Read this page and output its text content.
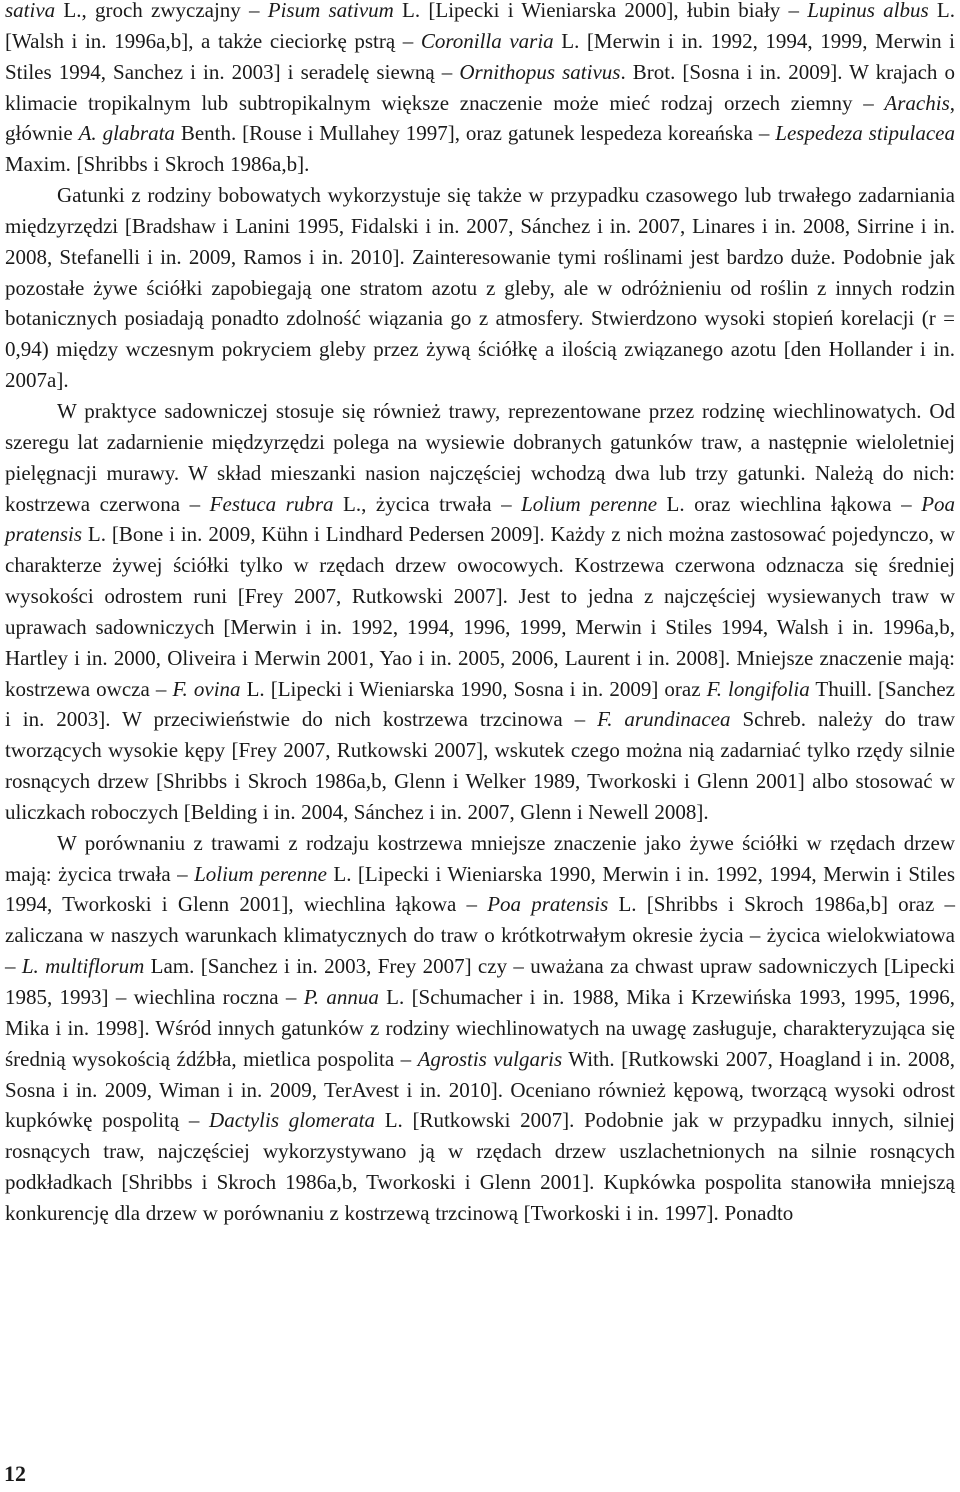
sativa L., groch zwyczajny – Pisum sativum L. [Lipecki i Wieniarska 2000], łubin biały – Lupinus albus L. [Walsh i in. 1996a,b], a także cieciorkę pstrą – Coronilla varia L. [Merwin i in. 1992, 1994, 1999, Merwin i Stiles 1994, Sanchez i in. 2003] i seradelę siewną – Ornithopus sativus. Brot. [Sosna i in. 2009]. W krajach o klimacie tropikalnym lub subtropikalnym większe znaczenie może mieć rodzaj orzech ziemny – Arachis, głównie A. glabrata Benth. [Rouse i Mullahey 1997], oraz gatunek lespedeza koreańska – Lespedeza stipulacea Maxim. [Shribbs i Skroch 1986a,b].

Gatunki z rodziny bobowatych wykorzystuje się także w przypadku czasowego lub trwałego zadarniania międzyrzędzi [Bradshaw i Lanini 1995, Fidalski i in. 2007, Sánchez i in. 2007, Linares i in. 2008, Sirrine i in. 2008, Stefanelli i in. 2009, Ramos i in. 2010]. Zainteresowanie tymi roślinami jest bardzo duże. Podobnie jak pozostałe żywe ściółki zapobiegają one stratom azotu z gleby, ale w odróżnieniu od roślin z innych rodzin botanicznych posiadają ponadto zdolność wiązania go z atmosfery. Stwierdzono wysoki stopień korelacji (r = 0,94) między wczesnym pokryciem gleby przez żywą ściółkę a ilością związanego azotu [den Hollander i in. 2007a].

W praktyce sadowniczej stosuje się również trawy, reprezentowane przez rodzinę wiechlinowatych. Od szeregu lat zadarnienie międzyrzędzi polega na wysiewie dobranych gatunków traw, a następnie wieloletniej pielęgnacji murawy. W skład mieszanki nasion najczęściej wchodzą dwa lub trzy gatunki. Należą do nich: kostrzewa czerwona – Festuca rubra L., życica trwała – Lolium perenne L. oraz wiechlina łąkowa – Poa pratensis L. [Bone i in. 2009, Kühn i Lindhard Pedersen 2009]. Każdy z nich można zastosować pojedynczo, w charakterze żywej ściółki tylko w rzędach drzew owocowych. Kostrzewa czerwona odznacza się średniej wysokości odrostem runi [Frey 2007, Rutkowski 2007]. Jest to jedna z najczęściej wysiewanych traw w uprawach sadowniczych [Merwin i in. 1992, 1994, 1996, 1999, Merwin i Stiles 1994, Walsh i in. 1996a,b, Hartley i in. 2000, Oliveira i Merwin 2001, Yao i in. 2005, 2006, Laurent i in. 2008]. Mniejsze znaczenie mają: kostrzewa owcza – F. ovina L. [Lipecki i Wieniarska 1990, Sosna i in. 2009] oraz F. longifolia Thuill. [Sanchez i in. 2003]. W przeciwieństwie do nich kostrzewa trzcinowa – F. arundinacea Schreb. należy do traw tworzących wysokie kępy [Frey 2007, Rutkowski 2007], wskutek czego można nią zadarniać tylko rzędy silnie rosnących drzew [Shribbs i Skroch 1986a,b, Glenn i Welker 1989, Tworkoski i Glenn 2001] albo stosować w uliczkach roboczych [Belding i in. 2004, Sánchez i in. 2007, Glenn i Newell 2008].

W porównaniu z trawami z rodzaju kostrzewa mniejsze znaczenie jako żywe ściółki w rzędach drzew mają: życica trwała – Lolium perenne L. [Lipecki i Wieniarska 1990, Merwin i in. 1992, 1994, Merwin i Stiles 1994, Tworkoski i Glenn 2001], wiechlina łąkowa – Poa pratensis L. [Shribbs i Skroch 1986a,b] oraz – zaliczana w naszych warunkach klimatycznych do traw o krótkotrwałym okresie życia – życica wielokwiatowa – L. multiflorum Lam. [Sanchez i in. 2003, Frey 2007] czy – uważana za chwast upraw sadowniczych [Lipecki 1985, 1993] – wiechlina roczna – P. annua L. [Schumacher i in. 1988, Mika i Krzewińska 1993, 1995, 1996, Mika i in. 1998]. Wśród innych gatunków z rodziny wiechlinowatych na uwagę zasługuje, charakteryzująca się średnią wysokością źdźbła, mietlica pospolita – Agrostis vulgaris With. [Rutkowski 2007, Hoagland i in. 2008, Sosna i in. 2009, Wiman i in. 2009, TerAvest i in. 2010]. Oceniano również kępową, tworzącą wysoki odrost kupkówkę pospolitą – Dactylis glomerata L. [Rutkowski 2007]. Podobnie jak w przypadku innych, silniej rosnących traw, najczęściej wykorzystywano ją w rzędach drzew uszlachetnionych na silnie rosnących podkładkach [Shribbs i Skroch 1986a,b, Tworkoski i Glenn 2001]. Kupkówka pospolita stanowiła mniejszą konkurencję dla drzew w porównaniu z kostrzewą trzcinową [Tworkoski i in. 1997]. Ponadto

12
